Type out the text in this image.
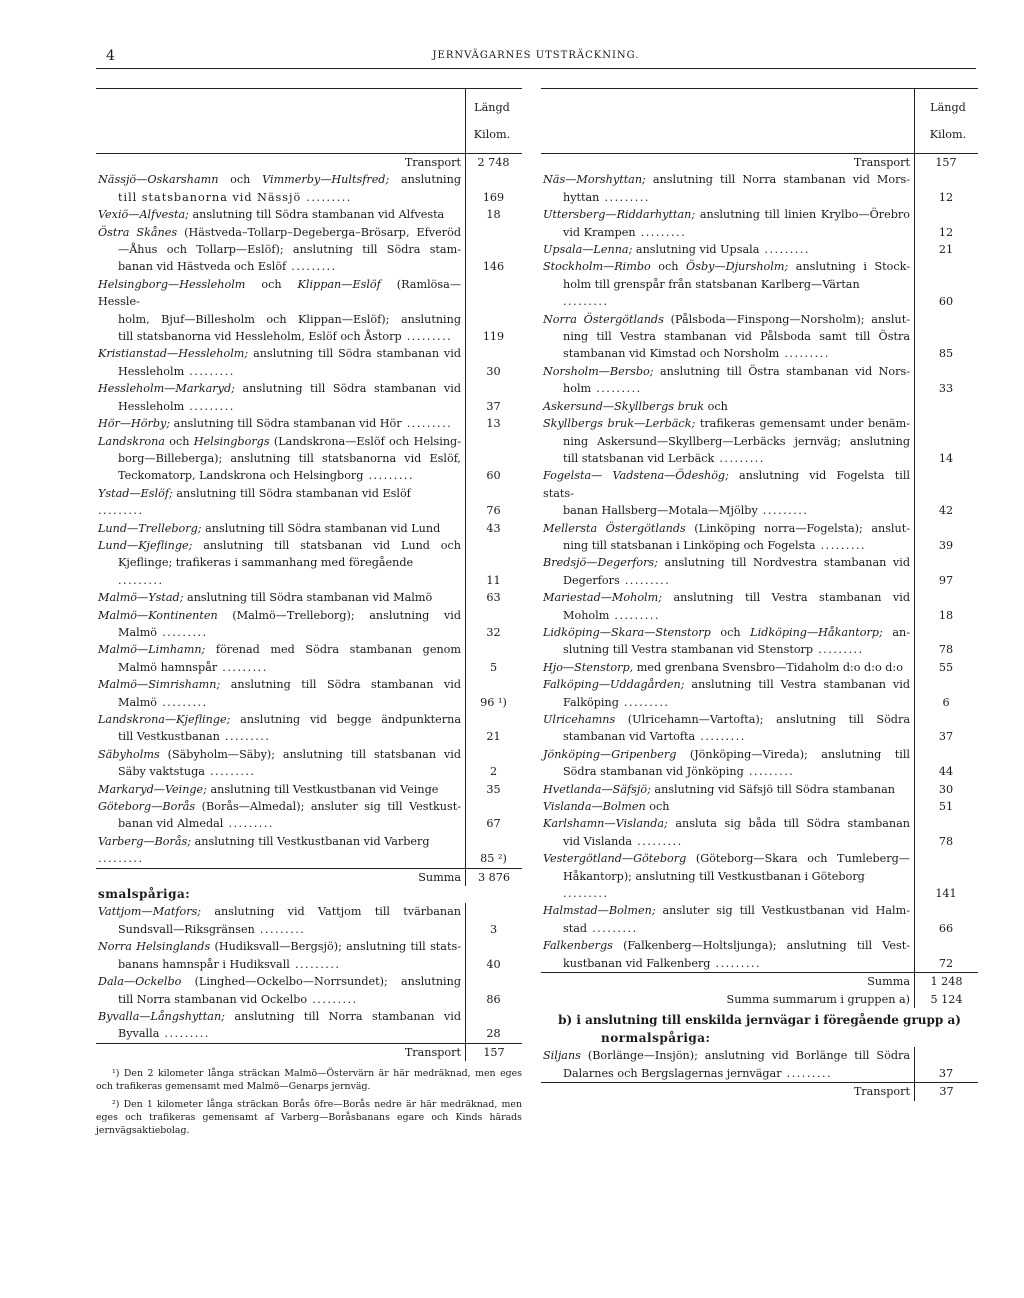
4	JERNVÄGARNES UTSTRÄCKNING.
Längd
Kilom.
Transport	2 748
Nässjö—Oskarshamn och Vimmerby—Hultsfred; anslutning
till statsbanorna vid Nässjö .........	169
Vexiö—Alfvesta; anslutning till Södra stambanan vid Alfvesta	18
Östra Skånes (Hästveda–Tollarp–Degeberga–Brösarp, Efveröd
—Åhus och Tollarp—Eslöf); anslutning till Södra stam-
banan vid Hästveda och Eslöf .........	146
Helsingborg—Hessleholm och Klippan—Eslöf (Ramlösa—Hessle-
holm, Bjuf—Billesholm och Klippan—Eslöf); anslutning
till statsbanorna vid Hessleholm, Eslöf och Åstorp .........	119
Kristianstad—Hessleholm; anslutning till Södra stambanan vid
Hessleholm .........	30
Hessleholm—Markaryd; anslutning till Södra stambanan vid
Hessleholm .........	37
Hör—Hörby; anslutning till Södra stambanan vid Hör .........	13
Landskrona och Helsingborgs (Landskrona—Eslöf och Helsing-
borg—Billeberga); anslutning till statsbanorna vid Eslöf,
Teckomatorp, Landskrona och Helsingborg .........	60
Ystad—Eslöf; anslutning till Södra stambanan vid Eslöf .........	76
Lund—Trelleborg; anslutning till Södra stambanan vid Lund	43
Lund—Kjeflinge; anslutning till statsbanan vid Lund och
Kjeflinge; trafikeras i sammanhang med föregående .........	11
Malmö—Ystad; anslutning till Södra stambanan vid Malmö	63
Malmö—Kontinenten (Malmö—Trelleborg); anslutning vid
Malmö .........	32
Malmö—Limhamn; förenad med Södra stambanan genom
Malmö hamnspår .........	5
Malmö—Simrishamn; anslutning till Södra stambanan vid
Malmö .........	96 ¹)
Landskrona—Kjeflinge; anslutning vid begge ändpunkterna
till Vestkustbanan .........	21
Säbyholms (Säbyholm—Säby); anslutning till statsbanan vid
Säby vaktstuga .........	2
Markaryd—Veinge; anslutning till Vestkustbanan vid Veinge	35
Göteborg—Borås (Borås—Almedal); ansluter sig till Vestkust-
banan vid Almedal .........	67
Varberg—Borås; anslutning till Vestkustbanan vid Varberg .........	85 ²)
Summa	3 876
smalspåriga:
Vattjom—Matfors; anslutning vid Vattjom till tvärbanan
Sundsvall—Riksgränsen .........	3
Norra Helsinglands (Hudiksvall—Bergsjö); anslutning till stats-
banans hamnspår i Hudiksvall .........	40
Dala—Ockelbo (Linghed—Ockelbo—Norrsundet); anslutning
till Norra stambanan vid Ockelbo .........	86
Byvalla—Långshyttan; anslutning till Norra stambanan vid
Byvalla .........	28
Transport	157

¹) Den 2 kilometer långa sträckan Malmö—Östervärn är här medräknad, men eges och trafikeras gemensamt med Malmö—Genarps jernväg.

²) Den 1 kilometer långa sträckan Borås öfre—Borås nedre är här medräknad, men eges och trafikeras gemensamt af Varberg—Boråsbanans egare och Kinds härads jernvägsaktiebolag.

Längd
Kilom.
Transport	157
Näs—Morshyttan; anslutning till Norra stambanan vid Mors-
hyttan .........	12
Uttersberg—Riddarhyttan; anslutning till linien Krylbo—Örebro
vid Krampen .........	12
Upsala—Lenna; anslutning vid Upsala .........	21
Stockholm—Rimbo och Ösby—Djursholm; anslutning i Stock-
holm till grenspår från statsbanan Karlberg—Värtan .........	60
Norra Östergötlands (Pålsboda—Finspong—Norsholm); anslut-
ning till Vestra stambanan vid Pålsboda samt till Östra
stambanan vid Kimstad och Norsholm .........	85
Norsholm—Bersbo; anslutning till Östra stambanan vid Nors-
holm .........	33
Askersund—Skyllbergs bruk och
Skyllbergs bruk—Lerbäck; trafikeras gemensamt under benäm-
ning Askersund—Skyllberg—Lerbäcks jernväg; anslutning
till statsbanan vid Lerbäck .........	14
Fogelsta— Vadstena—Ödeshög; anslutning vid Fogelsta till stats-
banan Hallsberg—Motala—Mjölby .........	42
Mellersta Östergötlands (Linköping norra—Fogelsta); anslut-
ning till statsbanan i Linköping och Fogelsta .........	39
Bredsjö—Degerfors; anslutning till Nordvestra stambanan vid
Degerfors .........	97
Mariestad—Moholm; anslutning till Vestra stambanan vid
Moholm .........	18
Lidköping—Skara—Stenstorp och Lidköping—Håkantorp; an-
slutning till Vestra stambanan vid Stenstorp .........	78
Hjo—Stenstorp, med grenbana Svensbro—Tidaholm d:o d:o d:o	55
Falköping—Uddagården; anslutning till Vestra stambanan vid
Falköping .........	6
Ulricehamns (Ulricehamn—Vartofta); anslutning till Södra
stambanan vid Vartofta .........	37
Jönköping—Gripenberg (Jönköping—Vireda); anslutning till
Södra stambanan vid Jönköping .........	44
Hvetlanda—Säfsjö; anslutning vid Säfsjö till Södra stambanan	30
Vislanda—Bolmen och	51
Karlshamn—Vislanda; ansluta sig båda till Södra stambanan
vid Vislanda .........	78
Vestergötland—Göteborg (Göteborg—Skara och Tumleberg—
Håkantorp); anslutning till Vestkustbanan i Göteborg .........	141
Halmstad—Bolmen; ansluter sig till Vestkustbanan vid Halm-
stad .........	66
Falkenbergs (Falkenberg—Holtsljunga); anslutning till Vest-
kustbanan vid Falkenberg .........	72
Summa	1 248
Summa summarum i gruppen a)	5 124
b) i anslutning till enskilda jernvägar i föregående grupp a)
normalspåriga:
Siljans (Borlänge—Insjön); anslutning vid Borlänge till Södra
Dalarnes och Bergslagernas jernvägar .........	37
Transport	37
